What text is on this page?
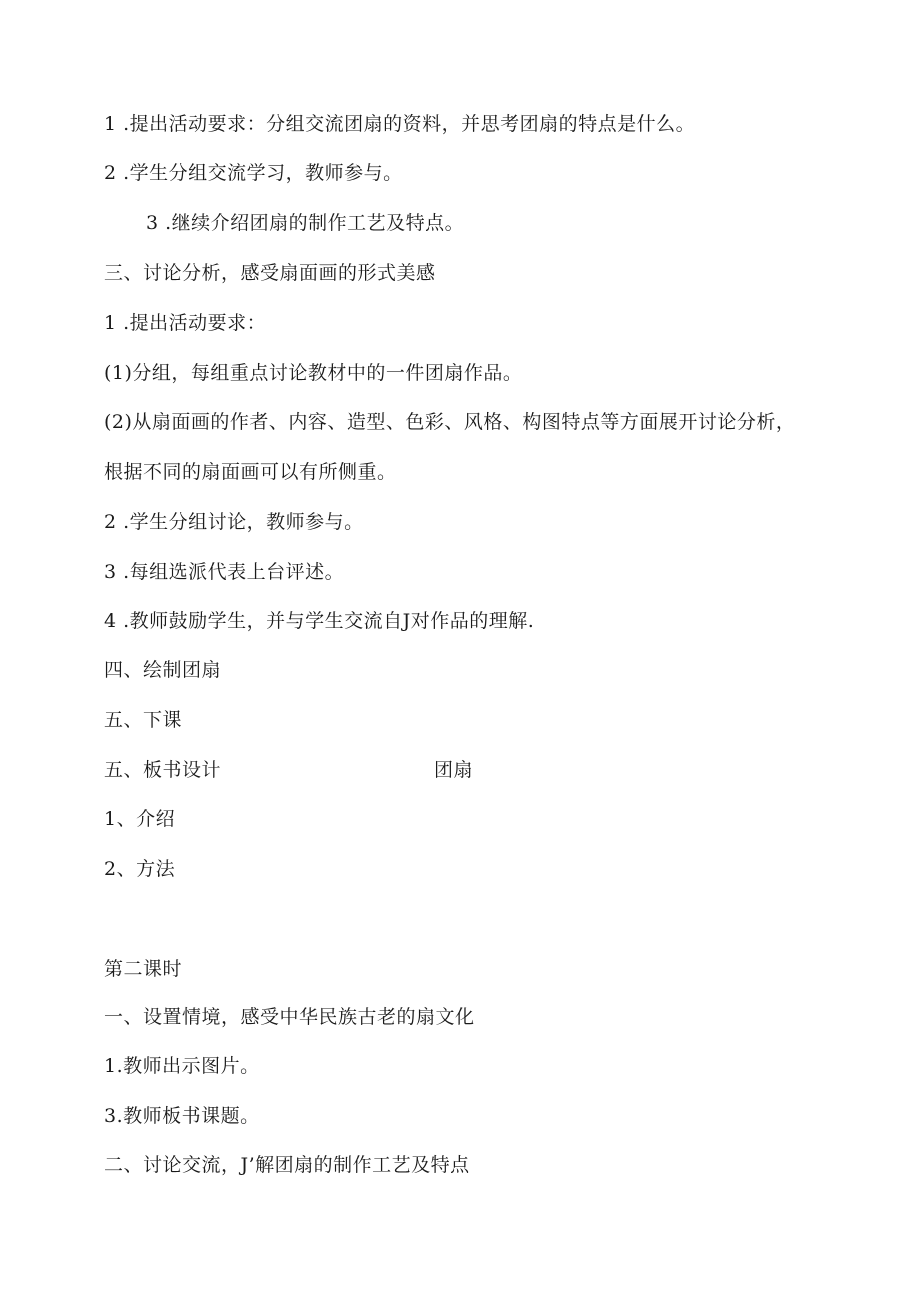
1 .提出活动要求：分组交流团扇的资料，并思考团扇的特点是什么。
2 .学生分组交流学习，教师参与。
3 .继续介绍团扇的制作工艺及特点。
三、讨论分析，感受扇面画的形式美感
1 .提出活动要求：
(1)分组，每组重点讨论教材中的一件团扇作品。
(2)从扇面画的作者、内容、造型、色彩、风格、构图特点等方面展开讨论分析，
根据不同的扇面画可以有所侧重。
2 .学生分组讨论，教师参与。
3 .每组选派代表上台评述。
4 .教师鼓励学生，并与学生交流自J对作品的理解.
四、绘制团扇
五、下课
五、板书设计	团扇
1、介绍
2、方法
第二课时
一、设置情境，感受中华民族古老的扇文化
1.教师出示图片。
3.教师板书课题。
二、讨论交流，J’解团扇的制作工艺及特点
